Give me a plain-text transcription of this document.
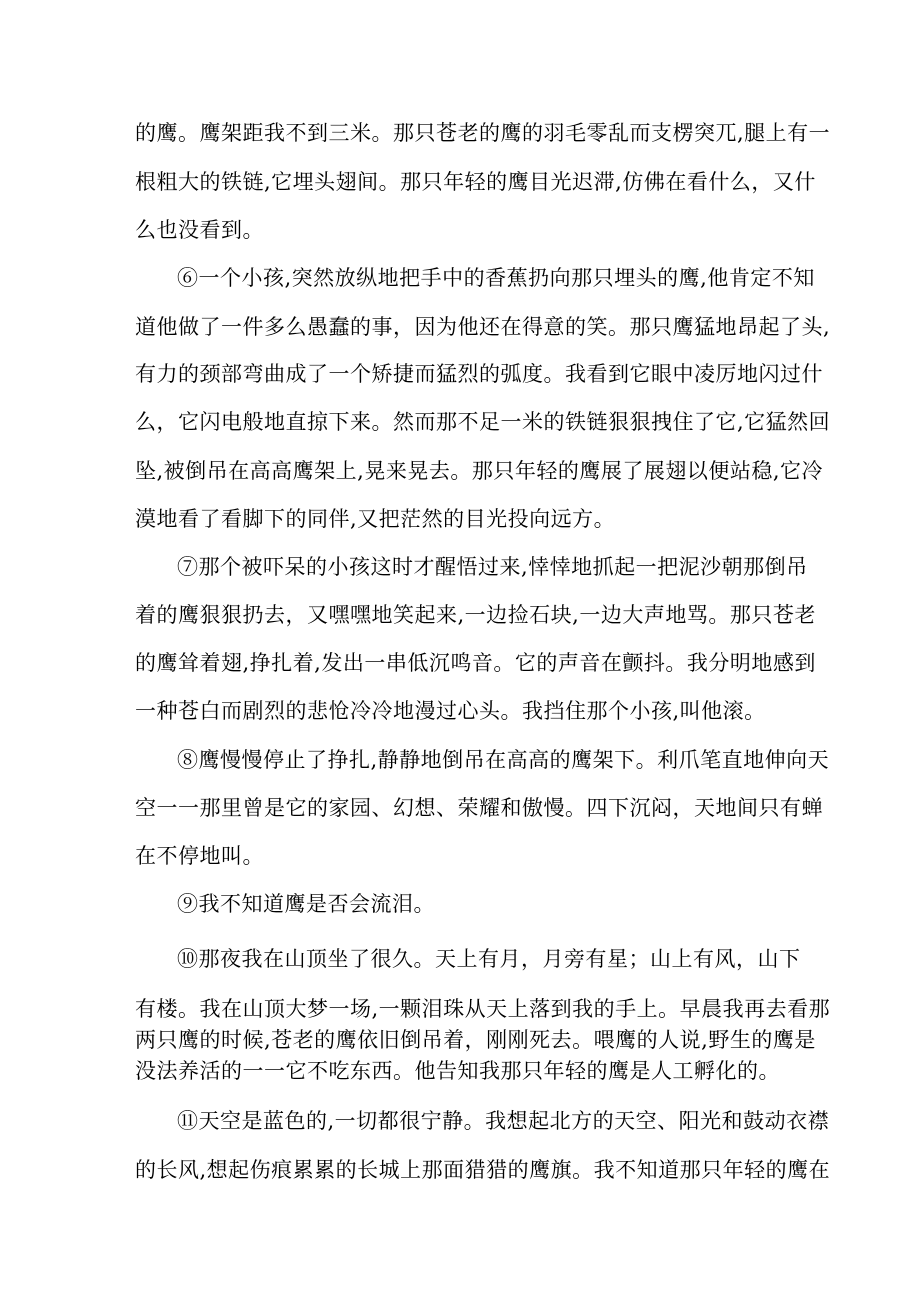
的鹰。鹰架距我不到三米。那只苍老的鹰的羽毛零乱而支楞突兀,腿上有一
根粗大的铁链,它埋头翅间。那只年轻的鹰目光迟滞,仿佛在看什么，又什
么也没看到。
⑥一个小孩,突然放纵地把手中的香蕉扔向那只埋头的鹰,他肯定不知
道他做了一件多么愚蠢的事，因为他还在得意的笑。那只鹰猛地昂起了头,
有力的颈部弯曲成了一个矫捷而猛烈的弧度。我看到它眼中凌厉地闪过什
么，它闪电般地直掠下来。然而那不足一米的铁链狠狠拽住了它,它猛然回
坠,被倒吊在高高鹰架上,晃来晃去。那只年轻的鹰展了展翅以便站稳,它冷
漠地看了看脚下的同伴,又把茫然的目光投向远方。
⑦那个被吓呆的小孩这时才醒悟过来,悻悻地抓起一把泥沙朝那倒吊
着的鹰狠狠扔去，又嘿嘿地笑起来,一边捡石块,一边大声地骂。那只苍老
的鹰耸着翅,挣扎着,发出一串低沉鸣音。它的声音在颤抖。我分明地感到
一种苍白而剧烈的悲怆冷冷地漫过心头。我挡住那个小孩,叫他滚。
⑧鹰慢慢停止了挣扎,静静地倒吊在高高的鹰架下。利爪笔直地伸向天
空一一那里曾是它的家园、幻想、荣耀和傲慢。四下沉闷，天地间只有蝉
在不停地叫。
⑨我不知道鹰是否会流泪。
⑩那夜我在山顶坐了很久。天上有月，月旁有星；山上有风，山下
有楼。我在山顶大梦一场,一颗泪珠从天上落到我的手上。早晨我再去看那
两只鹰的时候,苍老的鹰依旧倒吊着，刚刚死去。喂鹰的人说,野生的鹰是
没法养活的一一它不吃东西。他告知我那只年轻的鹰是人工孵化的。
⑪天空是蓝色的,一切都很宁静。我想起北方的天空、阳光和鼓动衣襟
的长风,想起伤痕累累的长城上那面猎猎的鹰旗。我不知道那只年轻的鹰在
